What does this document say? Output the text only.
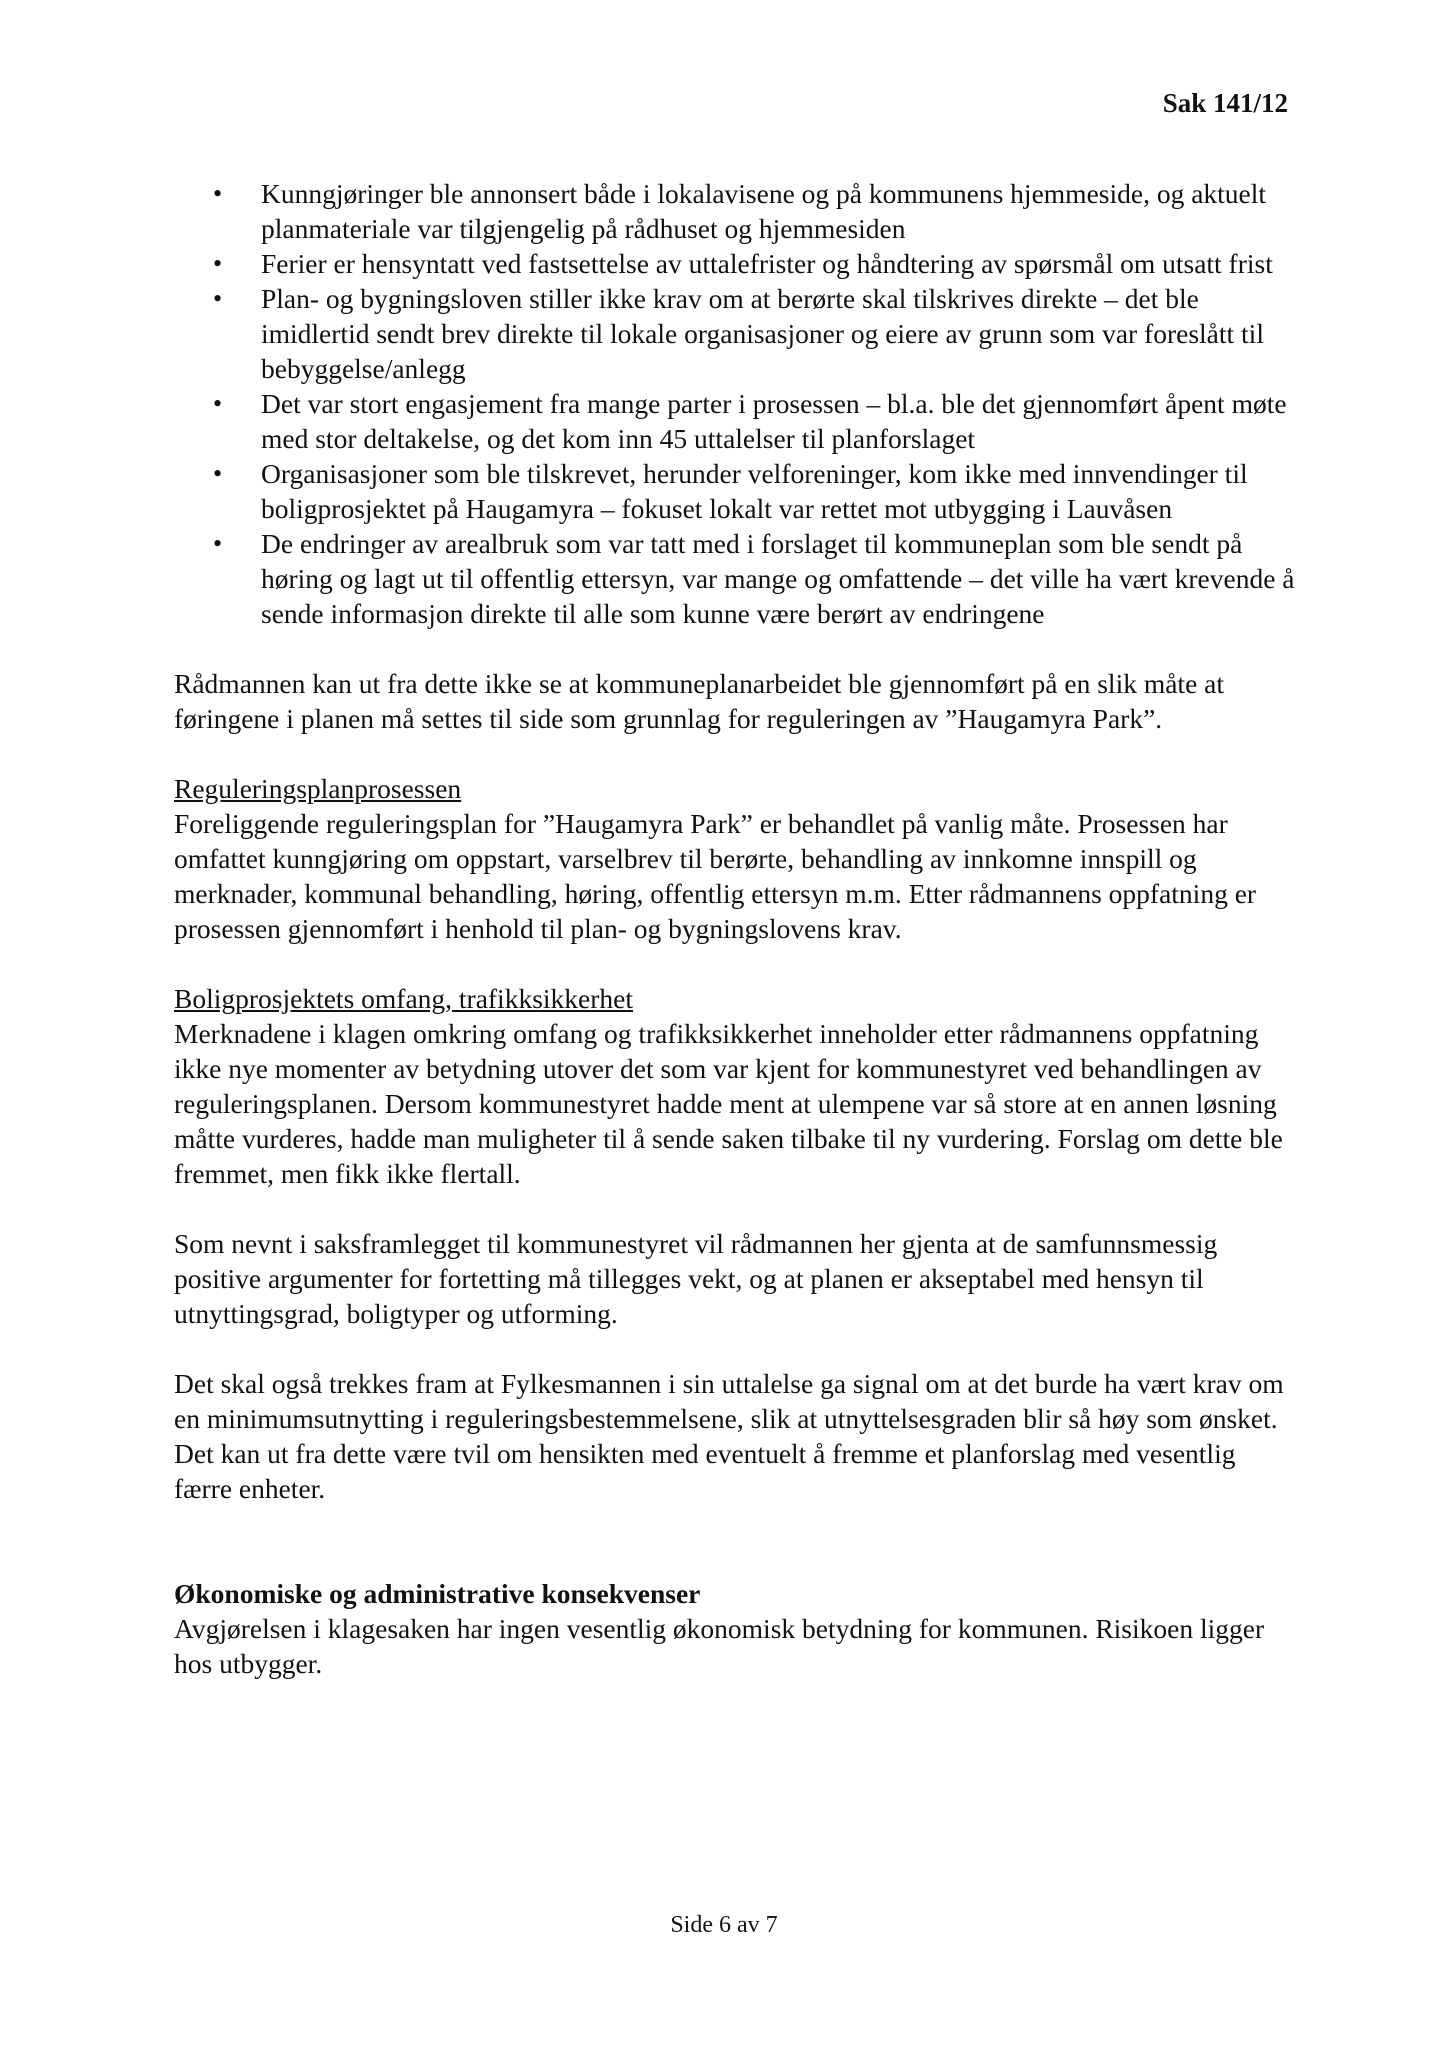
Sak 141/12
• Kunngjøringer ble annonsert både i lokalavisene og på kommunens hjemmeside, og aktuelt planmateriale var tilgjengelig på rådhuset og hjemmesiden
• Ferier er hensyntatt ved fastsettelse av uttalefrister og håndtering av spørsmål om utsatt frist
• Plan- og bygningsloven stiller ikke krav om at berørte skal tilskrives direkte – det ble imidlertid sendt brev direkte til lokale organisasjoner og eiere av grunn som var foreslått til bebyggelse/anlegg
• Det var stort engasjement fra mange parter i prosessen – bl.a. ble det gjennomført åpent møte med stor deltakelse, og det kom inn 45 uttalelser til planforslaget
• Organisasjoner som ble tilskrevet, herunder velforeninger, kom ikke med innvendinger til boligprosjektet på Haugamyra – fokuset lokalt var rettet mot utbygging i Lauvåsen
• De endringer av arealbruk som var tatt med i forslaget til kommuneplan som ble sendt på høring og lagt ut til offentlig ettersyn, var mange og omfattende – det ville ha vært krevende å sende informasjon direkte til alle som kunne være berørt av endringene

Rådmannen kan ut fra dette ikke se at kommuneplanarbeidet ble gjennomført på en slik måte at føringene i planen må settes til side som grunnlag for reguleringen av ”Haugamyra Park”.

Reguleringsplanprosessen

Foreliggende reguleringsplan for ”Haugamyra Park” er behandlet på vanlig måte. Prosessen har omfattet kunngjøring om oppstart, varselbrev til berørte, behandling av innkomne innspill og merknader, kommunal behandling, høring, offentlig ettersyn m.m. Etter rådmannens oppfatning er prosessen gjennomført i henhold til plan- og bygningslovens krav.

Boligprosjektets omfang, trafikksikkerhet

Merknadene i klagen omkring omfang og trafikksikkerhet inneholder etter rådmannens oppfatning ikke nye momenter av betydning utover det som var kjent for kommunestyret ved behandlingen av reguleringsplanen. Dersom kommunestyret hadde ment at ulempene var så store at en annen løsning måtte vurderes, hadde man muligheter til å sende saken tilbake til ny vurdering. Forslag om dette ble fremmet, men fikk ikke flertall.

Som nevnt i saksframlegget til kommunestyret vil rådmannen her gjenta at de samfunnsmessig positive argumenter for fortetting må tillegges vekt, og at planen er akseptabel med hensyn til utnyttingsgrad, boligtyper og utforming.

Det skal også trekkes fram at Fylkesmannen i sin uttalelse ga signal om at det burde ha vært krav om en minimumsutnytting i reguleringsbestemmelsene, slik at utnyttelsesgraden blir så høy som ønsket. Det kan ut fra dette være tvil om hensikten med eventuelt å fremme et planforslag med vesentlig færre enheter.

Økonomiske og administrative konsekvenser

Avgjørelsen i klagesaken har ingen vesentlig økonomisk betydning for kommunen. Risikoen ligger hos utbygger.

Side 6 av 7
